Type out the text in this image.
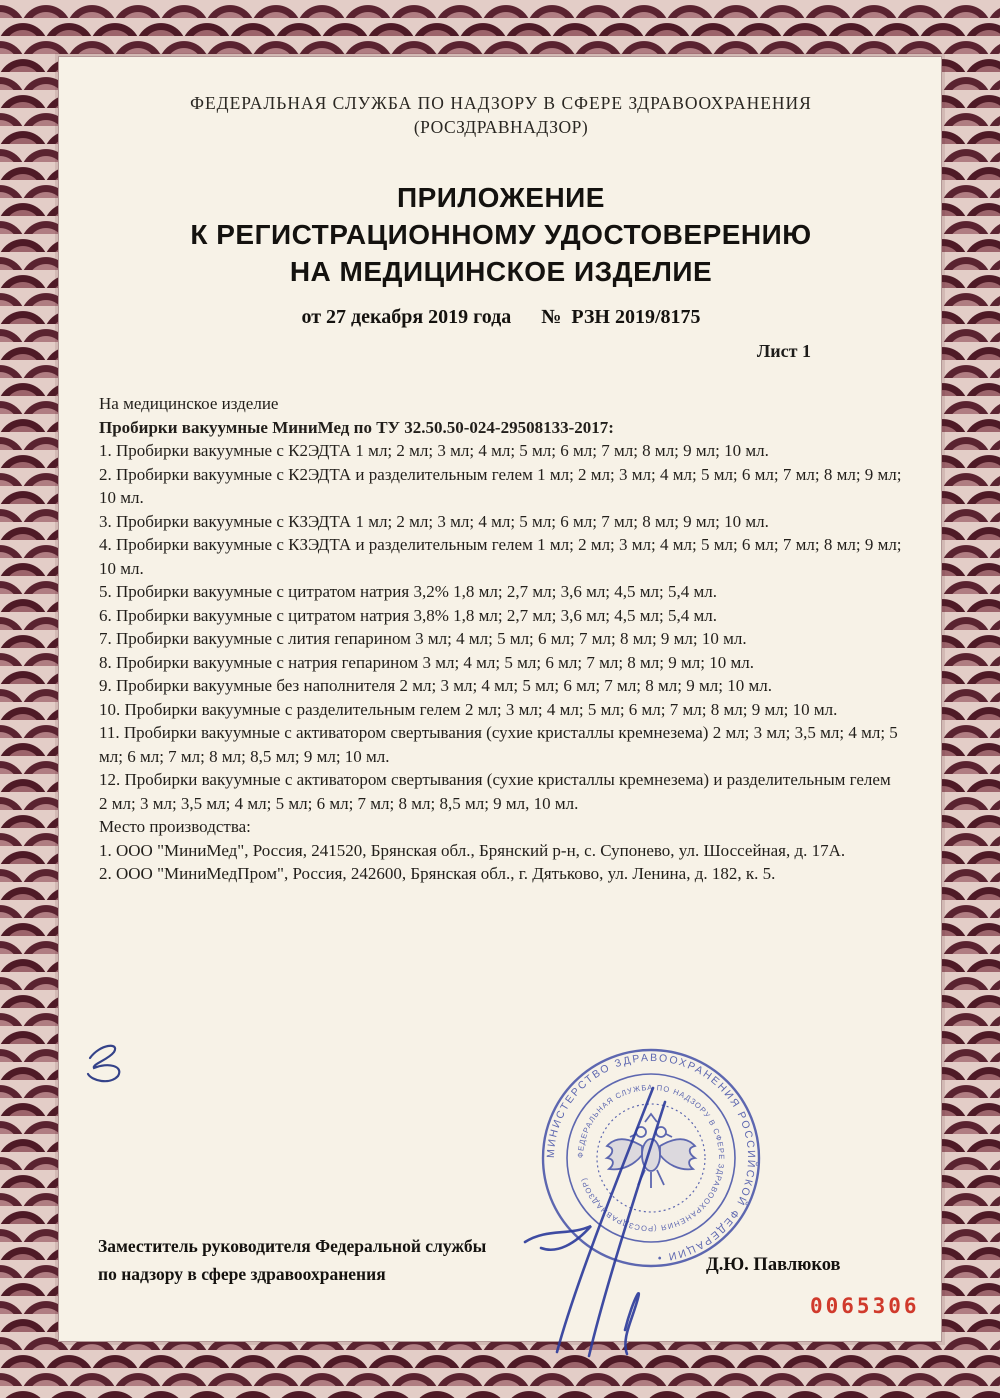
ФЕДЕРАЛЬНАЯ СЛУЖБА ПО НАДЗОРУ В СФЕРЕ ЗДРАВООХРАНЕНИЯ
(РОСЗДРАВНАДЗОР)
ПРИЛОЖЕНИЕ
К РЕГИСТРАЦИОННОМУ УДОСТОВЕРЕНИЮ
НА МЕДИЦИНСКОЕ ИЗДЕЛИЕ
от 27 декабря 2019 года № РЗН 2019/8175
Лист 1
На медицинское изделие
Пробирки вакуумные МиниМед по ТУ 32.50.50-024-29508133-2017:
1. Пробирки вакуумные с К2ЭДТА 1 мл; 2 мл; 3 мл; 4 мл; 5 мл; 6 мл; 7 мл; 8 мл; 9 мл; 10 мл.
2. Пробирки вакуумные с К2ЭДТА и разделительным гелем 1 мл; 2 мл; 3 мл; 4 мл; 5 мл; 6 мл; 7 мл; 8 мл; 9 мл; 10 мл.
3. Пробирки вакуумные с КЗЭДТА 1 мл; 2 мл; 3 мл; 4 мл; 5 мл; 6 мл; 7 мл; 8 мл; 9 мл; 10 мл.
4. Пробирки вакуумные с КЗЭДТА и разделительным гелем 1 мл; 2 мл; 3 мл; 4 мл; 5 мл; 6 мл; 7 мл; 8 мл; 9 мл; 10 мл.
5. Пробирки вакуумные с цитратом натрия 3,2% 1,8 мл; 2,7 мл; 3,6 мл; 4,5 мл; 5,4 мл.
6. Пробирки вакуумные с цитратом натрия 3,8% 1,8 мл; 2,7 мл; 3,6 мл; 4,5 мл; 5,4 мл.
7. Пробирки вакуумные с лития гепарином 3 мл; 4 мл; 5 мл; 6 мл; 7 мл; 8 мл; 9 мл; 10 мл.
8. Пробирки вакуумные с натрия гепарином 3 мл; 4 мл; 5 мл; 6 мл; 7 мл; 8 мл; 9 мл; 10 мл.
9. Пробирки вакуумные без наполнителя 2 мл; 3 мл; 4 мл; 5 мл; 6 мл; 7 мл; 8 мл; 9 мл; 10 мл.
10. Пробирки вакуумные с разделительным гелем 2 мл; 3 мл; 4 мл; 5 мл; 6 мл; 7 мл; 8 мл; 9 мл; 10 мл.
11. Пробирки вакуумные с активатором свертывания (сухие кристаллы кремнезема) 2 мл; 3 мл; 3,5 мл; 4 мл; 5 мл; 6 мл; 7 мл; 8 мл; 8,5 мл; 9 мл; 10 мл.
12. Пробирки вакуумные с активатором свертывания (сухие кристаллы кремнезема) и разделительным гелем 2 мл; 3 мл; 3,5 мл; 4 мл; 5 мл; 6 мл; 7 мл; 8 мл; 8,5 мл; 9 мл, 10 мл.
Место производства:
1. ООО "МиниМед", Россия, 241520, Брянская обл., Брянский р-н, с. Супонево, ул. Шоссейная, д. 17А.
2. ООО "МиниМедПром", Россия, 242600, Брянская обл., г. Дятьково, ул. Ленина, д. 182, к. 5.
МИНИСТЕРСТВО ЗДРАВООХРАНЕНИЯ РОССИЙСКОЙ ФЕДЕРАЦИИ •
ФЕДЕРАЛЬНАЯ СЛУЖБА ПО НАДЗОРУ В СФЕРЕ ЗДРАВООХРАНЕНИЯ (РОСЗДРАВНАДЗОР)
Заместитель руководителя Федеральной службы
по надзору в сфере здравоохранения	Д.Ю. Павлюков
0065306
